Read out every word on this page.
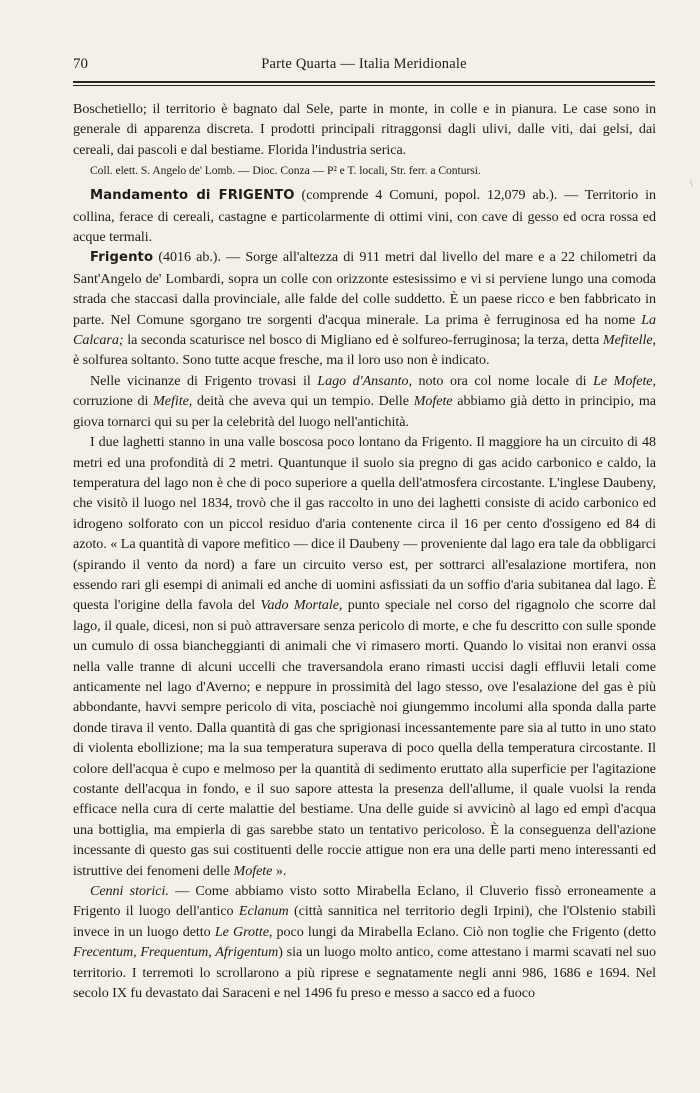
70	Parte Quarta — Italia Meridionale
\

Boschetiello; il territorio è bagnato dal Sele, parte in monte, in colle e in pianura. Le case sono in generale di apparenza discreta. I prodotti principali ritraggonsi dagli ulivi, dalle viti, dai gelsi, dai cereali, dai pascoli e dal bestiame. Florida l'industria serica.

Coll. elett. S. Angelo de' Lomb. — Dioc. Conza — P² e T. locali, Str. ferr. a Contursi.

Mandamento di FRIGENTO (comprende 4 Comuni, popol. 12,079 ab.). — Territorio in collina, ferace di cereali, castagne e particolarmente di ottimi vini, con cave di gesso ed ocra rossa ed acque termali.

Frigento (4016 ab.). — Sorge all'altezza di 911 metri dal livello del mare e a 22 chilometri da Sant'Angelo de' Lombardi, sopra un colle con orizzonte estesissimo e vi si perviene lungo una comoda strada che staccasi dalla provinciale, alle falde del colle suddetto. È un paese ricco e ben fabbricato in parte. Nel Comune sgorgano tre sorgenti d'acqua minerale. La prima è ferruginosa ed ha nome La Calcara; la seconda scaturisce nel bosco di Migliano ed è solfureo-ferruginosa; la terza, detta Mefitelle, è solfurea soltanto. Sono tutte acque fresche, ma il loro uso non è indicato.

Nelle vicinanze di Frigento trovasi il Lago d'Ansanto, noto ora col nome locale di Le Mofete, corruzione di Mefite, deità che aveva qui un tempio. Delle Mofete abbiamo già detto in principio, ma giova tornarci qui su per la celebrità del luogo nell'antichità.

I due laghetti stanno in una valle boscosa poco lontano da Frigento. Il maggiore ha un circuito di 48 metri ed una profondità di 2 metri. Quantunque il suolo sia pregno di gas acido carbonico e caldo, la temperatura del lago non è che di poco superiore a quella dell'atmosfera circostante. L'inglese Daubeny, che visitò il luogo nel 1834, trovò che il gas raccolto in uno dei laghetti consiste di acido carbonico ed idrogeno solforato con un piccol residuo d'aria contenente circa il 16 per cento d'ossigeno ed 84 di azoto. « La quantità di vapore mefitico — dice il Daubeny — proveniente dal lago era tale da obbligarci (spirando il vento da nord) a fare un circuito verso est, per sottrarci all'esalazione mortifera, non essendo rari gli esempi di animali ed anche di uomini asfissiati da un soffio d'aria subitanea dal lago. È questa l'origine della favola del Vado Mortale, punto speciale nel corso del rigagnolo che scorre dal lago, il quale, dicesi, non si può attraversare senza pericolo di morte, e che fu descritto con sulle sponde un cumulo di ossa biancheggianti di animali che vi rimasero morti. Quando lo visitai non eranvi ossa nella valle tranne di alcuni uccelli che traversandola erano rimasti uccisi dagli effluvii letali come anticamente nel lago d'Averno; e neppure in prossimità del lago stesso, ove l'esalazione del gas è più abbondante, havvi sempre pericolo di vita, posciachè noi giungemmo incolumi alla sponda dalla parte donde tirava il vento. Dalla quantità di gas che sprigionasi incessantemente pare sia al tutto in uno stato di violenta ebollizione; ma la sua temperatura superava di poco quella della temperatura circostante. Il colore dell'acqua è cupo e melmoso per la quantità di sedimento eruttato alla superficie per l'agitazione costante dell'acqua in fondo, e il suo sapore attesta la presenza dell'allume, il quale vuolsi la renda efficace nella cura di certe malattie del bestiame. Una delle guide si avvicinò al lago ed empì d'acqua una bottiglia, ma empierla di gas sarebbe stato un tentativo pericoloso. È la conseguenza dell'azione incessante di questo gas sui costituenti delle roccie attigue non era una delle parti meno interessanti ed istruttive dei fenomeni delle Mofete ».

Cenni storici. — Come abbiamo visto sotto Mirabella Eclano, il Cluverio fissò erroneamente a Frigento il luogo dell'antico Eclanum (città sannitica nel territorio degli Irpini), che l'Olstenio stabilì invece in un luogo detto Le Grotte, poco lungi da Mirabella Eclano. Ciò non toglie che Frigento (detto Frecentum, Frequentum, Afrigentum) sia un luogo molto antico, come attestano i marmi scavati nel suo territorio. I terremoti lo scrollarono a più riprese e segnatamente negli anni 986, 1686 e 1694. Nel secolo IX fu devastato dai Saraceni e nel 1496 fu preso e messo a sacco ed a fuoco
